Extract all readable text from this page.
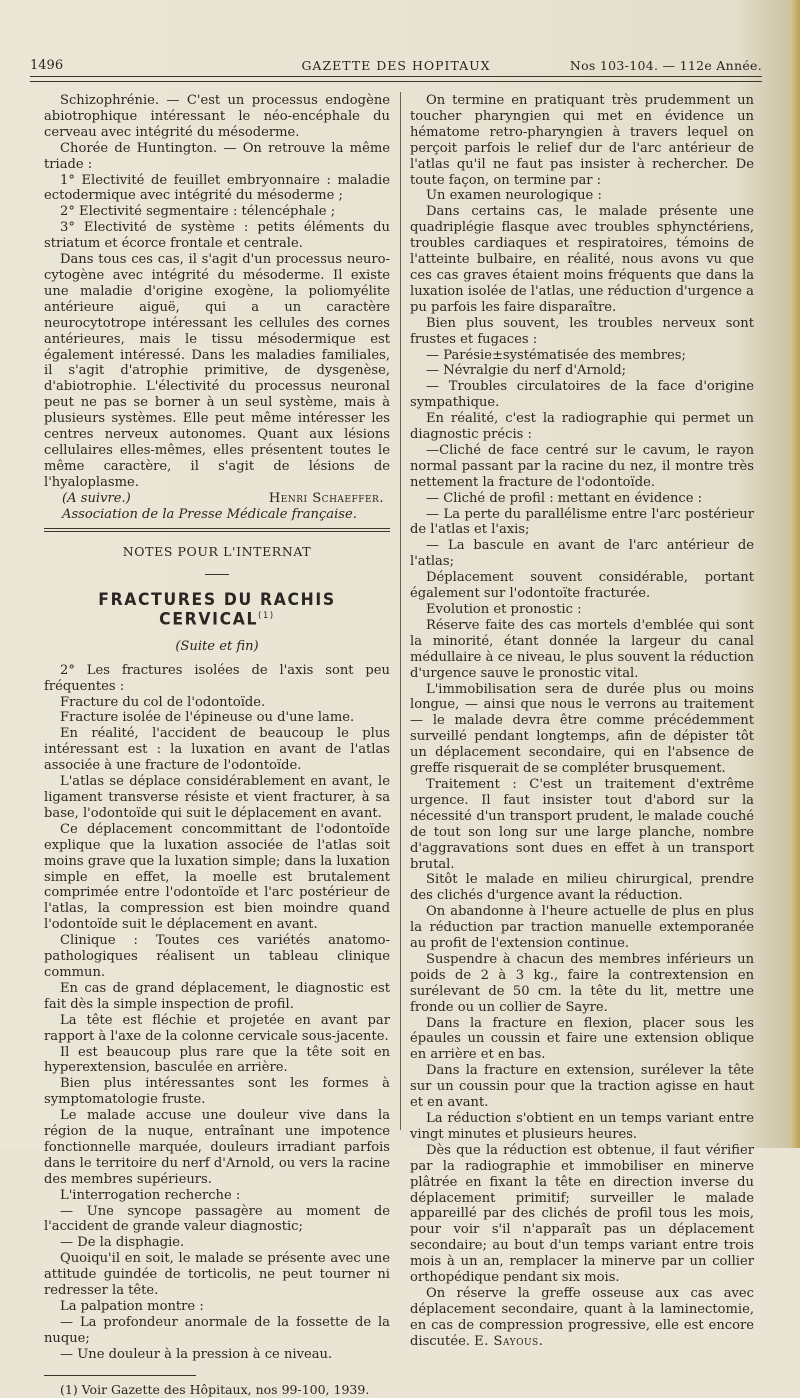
1496	GAZETTE DES HOPITAUX	Nos 103-104. — 112e Année.

Schizophrénie. — C'est un processus endogène abiotrophique intéressant le néo-encéphale du cerveau avec intégrité du mésoderme.

Chorée de Huntington. — On retrouve la même triade :

1° Electivité de feuillet embryonnaire : maladie ectodermique avec intégrité du mésoderme ;

2° Electivité segmentaire : télencéphale ;

3° Electivité de système : petits éléments du striatum et écorce frontale et centrale.

Dans tous ces cas, il s'agit d'un processus neuro-cytogène avec intégrité du mésoderme. Il existe une maladie d'origine exogène, la poliomyélite antérieure aiguë, qui a un caractère neurocytotrope intéressant les cellules des cornes antérieures, mais le tissu mésodermique est également intéressé. Dans les maladies familiales, il s'agit d'atrophie primitive, de dysgenèse, d'abiotrophie. L'électivité du processus neuronal peut ne pas se borner à un seul système, mais à plusieurs systèmes. Elle peut même intéresser les centres nerveux autonomes. Quant aux lésions cellulaires elles-mêmes, elles présentent toutes le même caractère, il s'agit de lésions de l'hyaloplasme.

(A suivre.)	Henri Schaeffer.

Association de la Presse Médicale française.

NOTES POUR L'INTERNAT
FRACTURES DU RACHIS CERVICAL$^{(1)}$
(Suite et fin)

2° Les fractures isolées de l'axis sont peu fréquentes :

Fracture du col de l'odontoïde.

Fracture isolée de l'épineuse ou d'une lame.

En réalité, l'accident de beaucoup le plus intéressant est : la luxation en avant de l'atlas associée à une fracture de l'odontoïde.

L'atlas se déplace considérablement en avant, le ligament transverse résiste et vient fracturer, à sa base, l'odontoïde qui suit le déplacement en avant.

Ce déplacement concommittant de l'odontoïde explique que la luxation associée de l'atlas soit moins grave que la luxation simple; dans la luxation simple en effet, la moelle est brutalement comprimée entre l'odontoïde et l'arc postérieur de l'atlas, la compression est bien moindre quand l'odontoïde suit le déplacement en avant.

Clinique : Toutes ces variétés anatomo-pathologiques réalisent un tableau clinique commun.

En cas de grand déplacement, le diagnostic est fait dès la simple inspection de profil.

La tête est fléchie et projetée en avant par rapport à l'axe de la colonne cervicale sous-jacente.

Il est beaucoup plus rare que la tête soit en hyperextension, basculée en arrière.

Bien plus intéressantes sont les formes à symptomatologie fruste.

Le malade accuse une douleur vive dans la région de la nuque, entraînant une impotence fonctionnelle marquée, douleurs irradiant parfois dans le territoire du nerf d'Arnold, ou vers la racine des membres supérieurs.

L'interrogation recherche :

— Une syncope passagère au moment de l'accident de grande valeur diagnostic;

— De la disphagie.

Quoiqu'il en soit, le malade se présente avec une attitude guindée de torticolis, ne peut tourner ni redresser la tête.

La palpation montre :

— La profondeur anormale de la fossette de la nuque;

— Une douleur à la pression à ce niveau.

(1) Voir Gazette des Hôpitaux, nos 99-100, 1939.

On termine en pratiquant très prudemment un toucher pharyngien qui met en évidence un hématome retro-pharyngien à travers lequel on perçoit parfois le relief dur de l'arc antérieur de l'atlas qu'il ne faut pas insister à rechercher. De toute façon, on termine par :

Un examen neurologique :

Dans certains cas, le malade présente une quadriplégie flasque avec troubles sphynctériens, troubles cardiaques et respiratoires, témoins de l'atteinte bulbaire, en réalité, nous avons vu que ces cas graves étaient moins fréquents que dans la luxation isolée de l'atlas, une réduction d'urgence a pu parfois les faire disparaître.

Bien plus souvent, les troubles nerveux sont frustes et fugaces :

— Parésie±systématisée des membres;

— Névralgie du nerf d'Arnold;

— Troubles circulatoires de la face d'origine sympathique.

En réalité, c'est la radiographie qui permet un diagnostic précis :

—Cliché de face centré sur le cavum, le rayon normal passant par la racine du nez, il montre très nettement la fracture de l'odontoïde.

— Cliché de profil : mettant en évidence :

— La perte du parallélisme entre l'arc postérieur de l'atlas et l'axis;

— La bascule en avant de l'arc antérieur de l'atlas;

Déplacement souvent considérable, portant également sur l'odontoïte fracturée.

Evolution et pronostic :

Réserve faite des cas mortels d'emblée qui sont la minorité, étant donnée la largeur du canal médullaire à ce niveau, le plus souvent la réduction d'urgence sauve le pronostic vital.

L'immobilisation sera de durée plus ou moins longue, — ainsi que nous le verrons au traitement — le malade devra être comme précédemment surveillé pendant longtemps, afin de dépister tôt un déplacement secondaire, qui en l'absence de greffe risquerait de se compléter brusquement.

Traitement : C'est un traitement d'extrême urgence. Il faut insister tout d'abord sur la nécessité d'un transport prudent, le malade couché de tout son long sur une large planche, nombre d'aggravations sont dues en effet à un transport brutal.

Sitôt le malade en milieu chirurgical, prendre des clichés d'urgence avant la réduction.

On abandonne à l'heure actuelle de plus en plus la réduction par traction manuelle extemporanée au profit de l'extension continue.

Suspendre à chacun des membres inférieurs un poids de 2 à 3 kg., faire la contrextension en surélevant de 50 cm. la tête du lit, mettre une fronde ou un collier de Sayre.

Dans la fracture en flexion, placer sous les épaules un coussin et faire une extension oblique en arrière et en bas.

Dans la fracture en extension, surélever la tête sur un coussin pour que la traction agisse en haut et en avant.

La réduction s'obtient en un temps variant entre vingt minutes et plusieurs heures.

Dès que la réduction est obtenue, il faut vérifier par la radiographie et immobiliser en minerve plâtrée en fixant la tête en direction inverse du déplacement primitif; surveiller le malade appareillé par des clichés de profil tous les mois, pour voir s'il n'apparaît pas un déplacement secondaire; au bout d'un temps variant entre trois mois à un an, remplacer la minerve par un collier orthopédique pendant six mois.

On réserve la greffe osseuse aux cas avec déplacement secondaire, quant à la laminectomie, en cas de compression progressive, elle est encore discutée. E. Sayous.
